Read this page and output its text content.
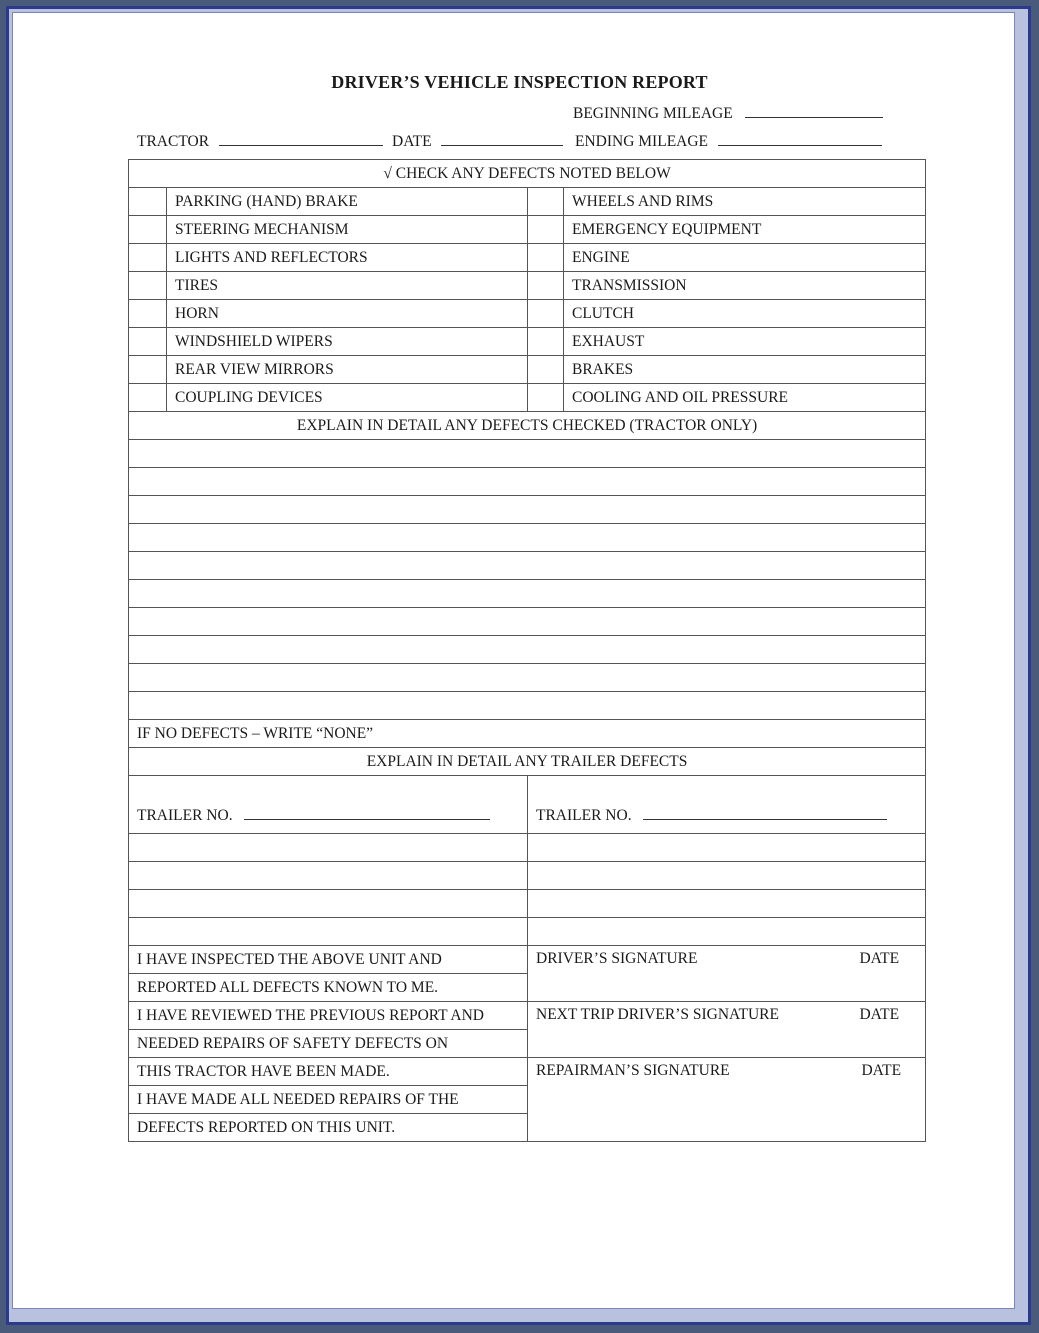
DRIVER’S VEHICLE INSPECTION REPORT
BEGINNING MILEAGE
TRACTOR	DATE	ENDING MILEAGE
√ CHECK ANY DEFECTS NOTED BELOW			
	PARKING (HAND) BRAKE		WHEELS AND RIMS
	STEERING MECHANISM		EMERGENCY EQUIPMENT
	LIGHTS AND REFLECTORS		ENGINE
	TIRES		TRANSMISSION
	HORN		CLUTCH
	WINDSHIELD WIPERS		EXHAUST
	REAR VIEW MIRRORS		BRAKES
	COUPLING DEVICES		COOLING AND OIL PRESSURE
EXPLAIN IN DETAIL ANY DEFECTS CHECKED (TRACTOR ONLY)			

IF NO DEFECTS – WRITE “NONE”			
EXPLAIN IN DETAIL ANY TRAILER DEFECTS			
TRAILER NO.		TRAILER NO.	

I HAVE INSPECTED THE ABOVE UNIT AND		DRIVER’S SIGNATURE DATE	

REPORTED ALL DEFECTS KNOWN TO ME.			
I HAVE REVIEWED THE PREVIOUS REPORT AND		NEXT TRIP DRIVER’S SIGNATURE DATE	

NEEDED REPAIRS OF SAFETY DEFECTS ON			
THIS TRACTOR HAVE BEEN MADE.		REPAIRMAN’S SIGNATURE DATE	

I HAVE MADE ALL NEEDED REPAIRS OF THE			
DEFECTS REPORTED ON THIS UNIT.			
